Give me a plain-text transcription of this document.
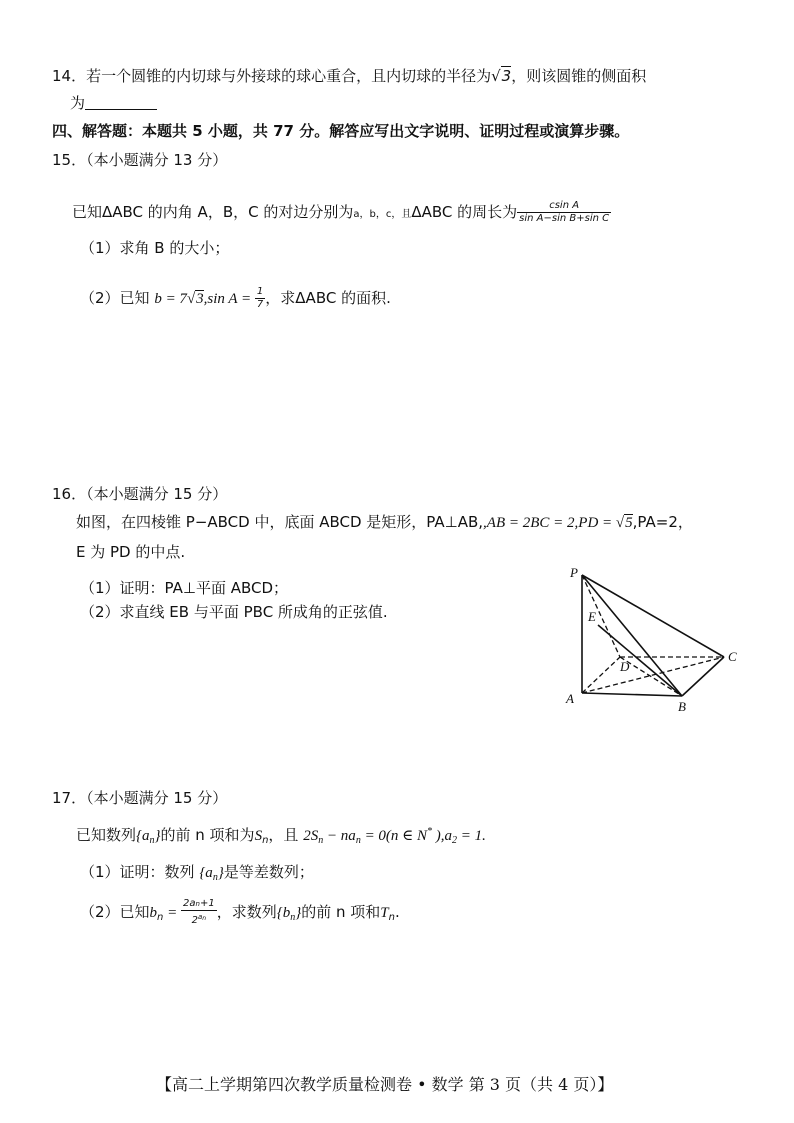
14．若一个圆锥的内切球与外接球的球心重合，且内切球的半径为√3，则该圆锥的侧面积
为
四、解答题：本题共 5 小题，共 77 分。解答应写出文字说明、证明过程或演算步骤。
15．（本小题满分 13 分）
已知ΔABC 的内角 A，B，C 的对边分别为a，b，c，且ΔABC 的周长为 $\frac{\text{csin A}}{\text{sin A−sin B+sin C}}$
（1）求角 B 的大小；
（2）已知 b = 7√3,sin $A = \frac{1}{7}$ ，求ΔABC 的面积.
16．（本小题满分 15 分）
如图，在四棱锥 P−ABCD 中，底面 ABCD 是矩形，PA⊥AB,,AB = 2BC = 2,PD = √5,PA=2，
E 为 PD 的中点.
（1）证明：PA⊥平面 ABCD；
（2）求直线 EB 与平面 PBC 所成角的正弦值.
P
E
D
C
A
B
17．（本小题满分 15 分）
已知数列$\{a_n\}$的前 n 项和为$S_n$，且 $2S_n - na_n = 0(n$ ∈ N* )$,a_2 = 1$.
（1）证明：数列 $\{a_n\}$是等差数列；
（2）已知$b_n = \frac{2an+1}{2^{an}}$ ，求数列$\{b_n\}$的前 n 项和$T_n$.
【高二上学期第四次教学质量检测卷 • 数学 第 3 页（共 4 页）】
